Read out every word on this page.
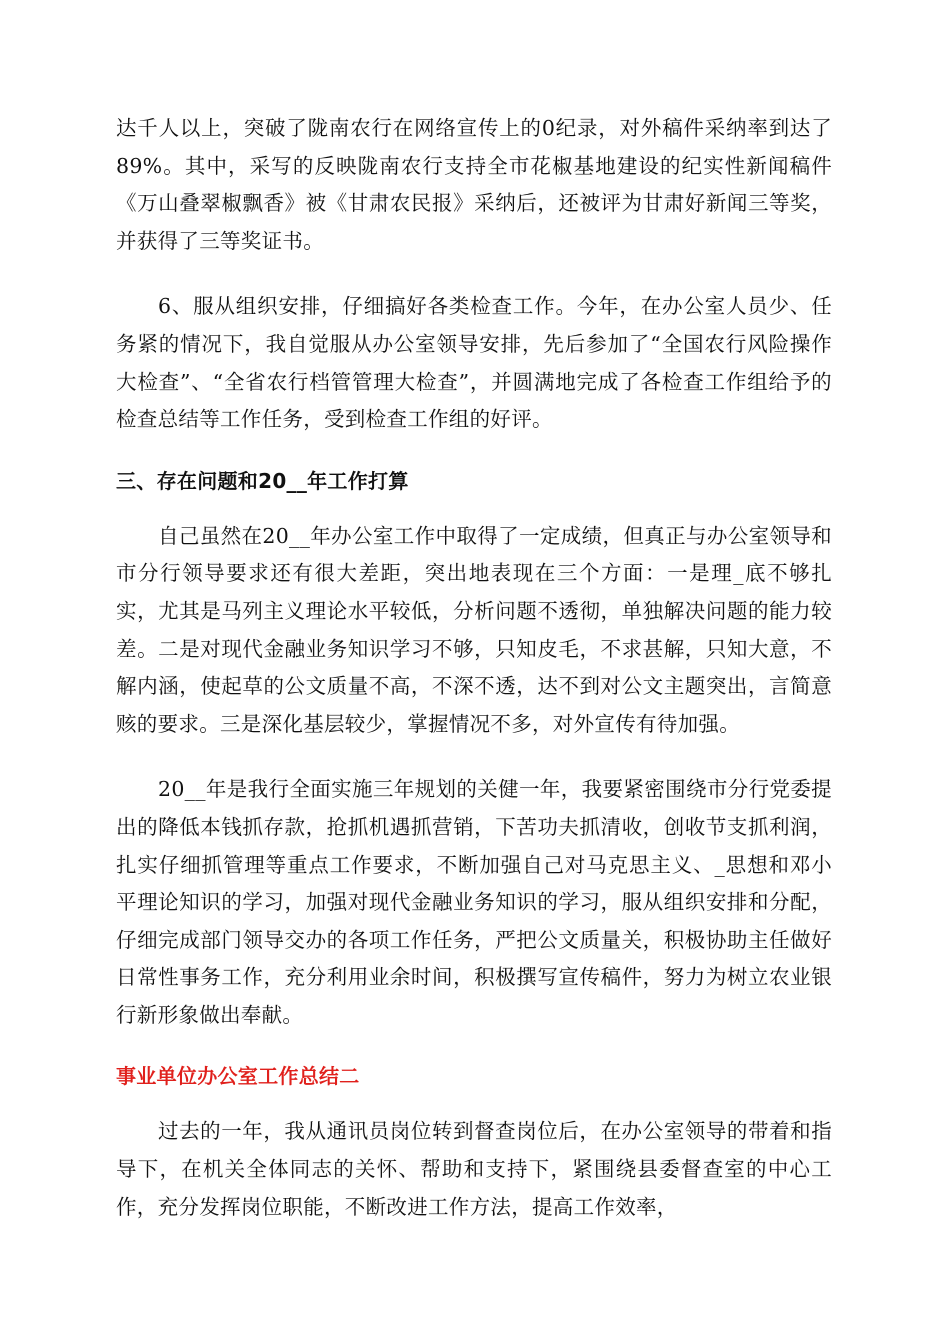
达千人以上，突破了陇南农行在网络宣传上的0纪录，对外稿件采纳率到达了89%。其中，采写的反映陇南农行支持全市花椒基地建设的纪实性新闻稿件《万山叠翠椒飘香》被《甘肃农民报》采纳后，还被评为甘肃好新闻三等奖，并获得了三等奖证书。

6、服从组织安排，仔细搞好各类检查工作。今年，在办公室人员少、任务紧的情况下，我自觉服从办公室领导安排，先后参加了“全国农行风险操作大检查”、“全省农行档管管理大检查”，并圆满地完成了各检查工作组给予的检查总结等工作任务，受到检查工作组的好评。

三、存在问题和20__年工作打算

自己虽然在20__年办公室工作中取得了一定成绩，但真正与办公室领导和市分行领导要求还有很大差距，突出地表现在三个方面：一是理_底不够扎实，尤其是马列主义理论水平较低，分析问题不透彻，单独解决问题的能力较差。二是对现代金融业务知识学习不够，只知皮毛，不求甚解，只知大意，不解内涵，使起草的公文质量不高，不深不透，达不到对公文主题突出，言简意赅的要求。三是深化基层较少，掌握情况不多，对外宣传有待加强。

20__年是我行全面实施三年规划的关健一年，我要紧密围绕市分行党委提出的降低本钱抓存款，抢抓机遇抓营销，下苦功夫抓清收，创收节支抓利润，扎实仔细抓管理等重点工作要求，不断加强自己对马克思主义、_思想和邓小平理论知识的学习，加强对现代金融业务知识的学习，服从组织安排和分配，仔细完成部门领导交办的各项工作任务，严把公文质量关，积极协助主任做好日常性事务工作，充分利用业余时间，积极撰写宣传稿件，努力为树立农业银行新形象做出奉献。

事业单位办公室工作总结二

过去的一年，我从通讯员岗位转到督查岗位后，在办公室领导的带着和指导下，在机关全体同志的关怀、帮助和支持下，紧围绕县委督查室的中心工作，充分发挥岗位职能，不断改进工作方法，提高工作效率，
